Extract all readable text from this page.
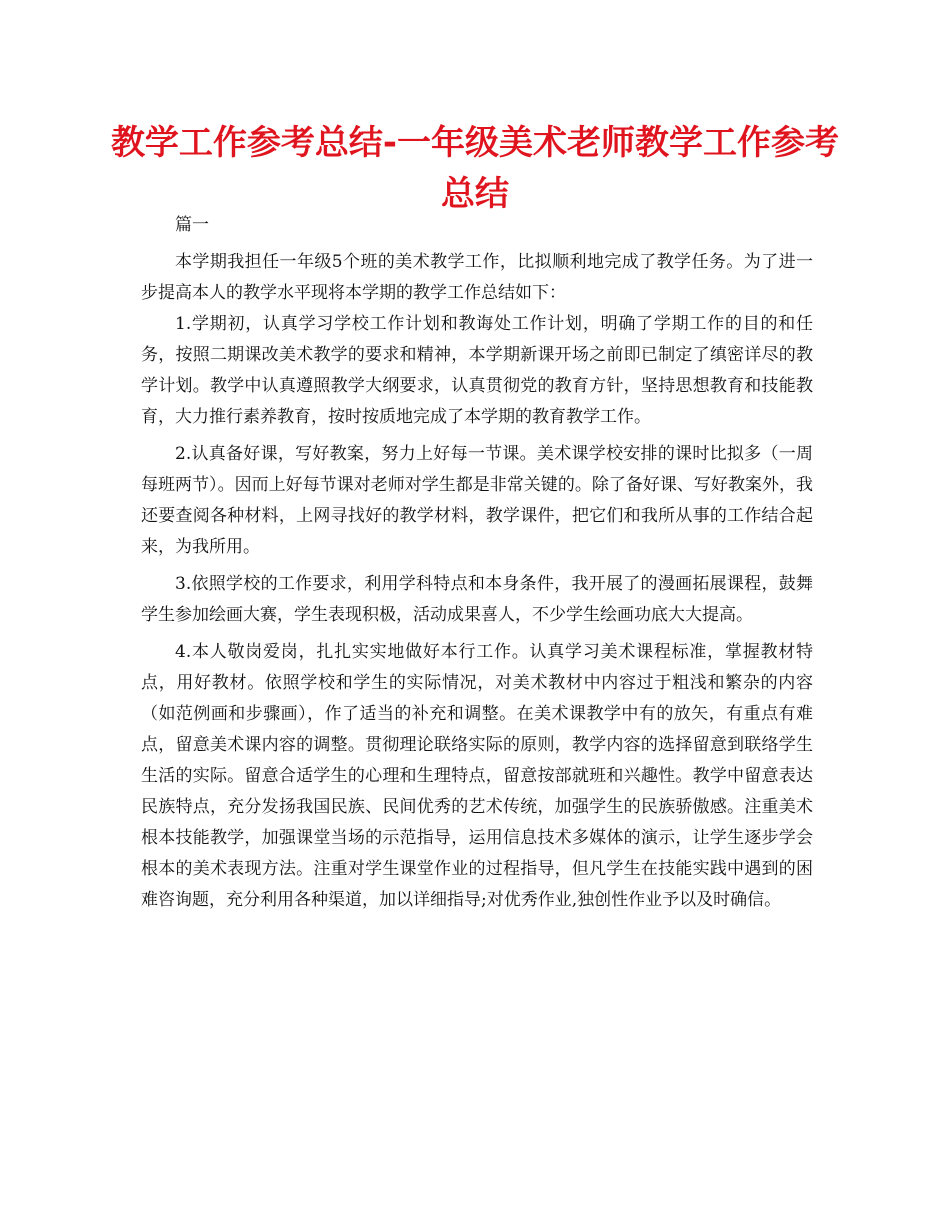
教学工作参考总结-一年级美术老师教学工作参考总结

篇一

本学期我担任一年级5个班的美术教学工作，比拟顺利地完成了教学任务。为了进一步提高本人的教学水平现将本学期的教学工作总结如下：

1.学期初，认真学习学校工作计划和教诲处工作计划，明确了学期工作的目的和任务，按照二期课改美术教学的要求和精神，本学期新课开场之前即已制定了缜密详尽的教学计划。教学中认真遵照教学大纲要求，认真贯彻党的教育方针，坚持思想教育和技能教育，大力推行素养教育，按时按质地完成了本学期的教育教学工作。

2.认真备好课，写好教案，努力上好每一节课。美术课学校安排的课时比拟多（一周每班两节）。因而上好每节课对老师对学生都是非常关键的。除了备好课、写好教案外，我还要查阅各种材料，上网寻找好的教学材料，教学课件，把它们和我所从事的工作结合起来，为我所用。

3.依照学校的工作要求，利用学科特点和本身条件，我开展了的漫画拓展课程，鼓舞学生参加绘画大赛，学生表现积极，活动成果喜人，不少学生绘画功底大大提高。

4.本人敬岗爱岗，扎扎实实地做好本行工作。认真学习美术课程标准，掌握教材特点，用好教材。依照学校和学生的实际情况，对美术教材中内容过于粗浅和繁杂的内容（如范例画和步骤画），作了适当的补充和调整。在美术课教学中有的放矢，有重点有难点，留意美术课内容的调整。贯彻理论联络实际的原则，教学内容的选择留意到联络学生生活的实际。留意合适学生的心理和生理特点，留意按部就班和兴趣性。教学中留意表达民族特点，充分发扬我国民族、民间优秀的艺术传统，加强学生的民族骄傲感。注重美术根本技能教学，加强课堂当场的示范指导，运用信息技术多媒体的演示，让学生逐步学会根本的美术表现方法。注重对学生课堂作业的过程指导，但凡学生在技能实践中遇到的困难咨询题，充分利用各种渠道，加以详细指导;对优秀作业,独创性作业予以及时确信。
